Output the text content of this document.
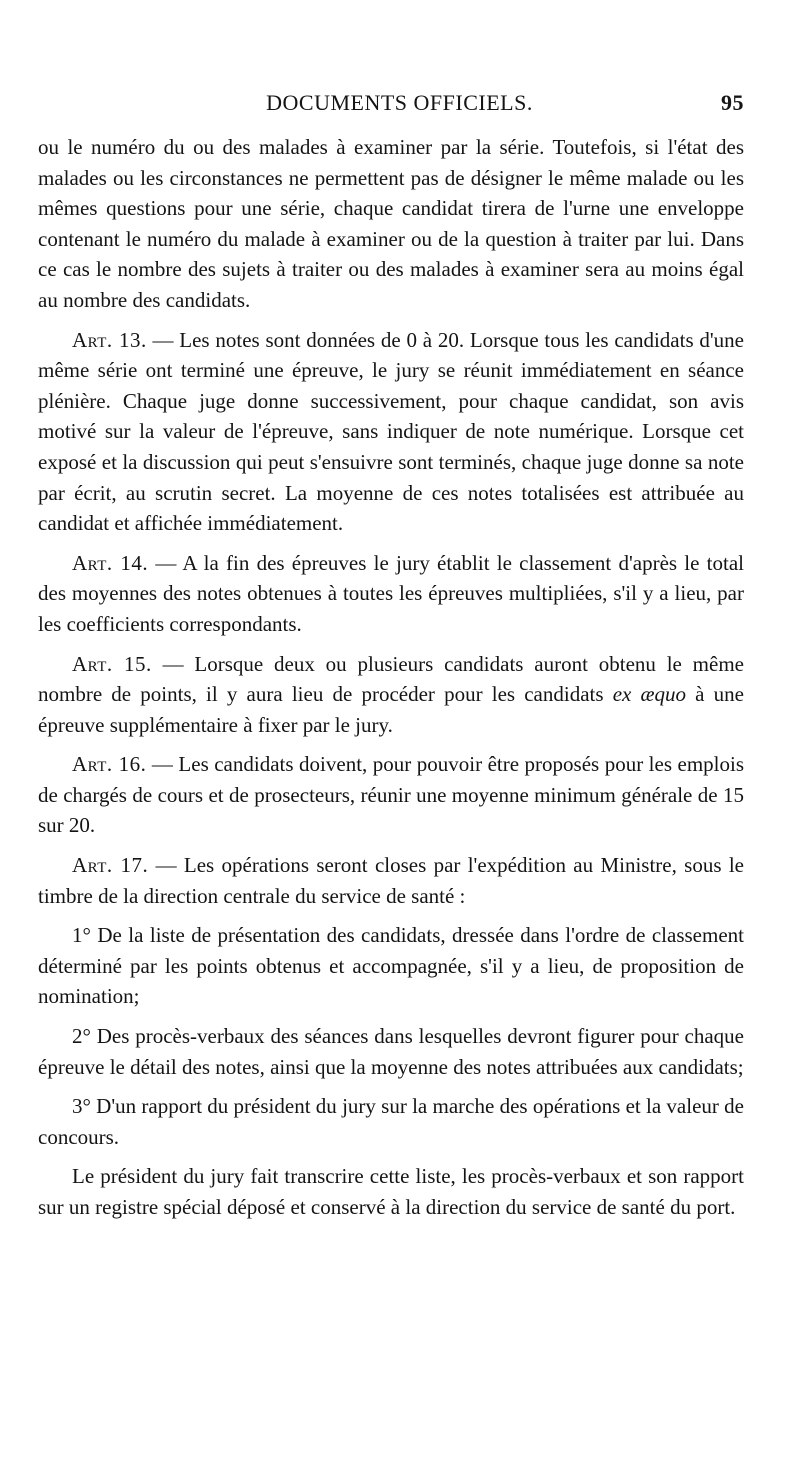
DOCUMENTS OFFICIELS.	95

ou le numéro du ou des malades à examiner par la série. Toutefois, si l'état des malades ou les circonstances ne permettent pas de désigner le même malade ou les mêmes questions pour une série, chaque candidat tirera de l'urne une enveloppe contenant le numéro du malade à examiner ou de la question à traiter par lui. Dans ce cas le nombre des sujets à traiter ou des malades à examiner sera au moins égal au nombre des candidats.

Art. 13. — Les notes sont données de 0 à 20. Lorsque tous les candidats d'une même série ont terminé une épreuve, le jury se réunit immédiatement en séance plénière. Chaque juge donne successivement, pour chaque candidat, son avis motivé sur la valeur de l'épreuve, sans indiquer de note numérique. Lorsque cet exposé et la discussion qui peut s'ensuivre sont terminés, chaque juge donne sa note par écrit, au scrutin secret. La moyenne de ces notes totalisées est attribuée au candidat et affichée immédiatement.

Art. 14. — A la fin des épreuves le jury établit le classement d'après le total des moyennes des notes obtenues à toutes les épreuves multipliées, s'il y a lieu, par les coefficients correspondants.

Art. 15. — Lorsque deux ou plusieurs candidats auront obtenu le même nombre de points, il y aura lieu de procéder pour les candidats ex æquo à une épreuve supplémentaire à fixer par le jury.

Art. 16. — Les candidats doivent, pour pouvoir être proposés pour les emplois de chargés de cours et de prosecteurs, réunir une moyenne minimum générale de 15 sur 20.

Art. 17. — Les opérations seront closes par l'expédition au Ministre, sous le timbre de la direction centrale du service de santé :

1° De la liste de présentation des candidats, dressée dans l'ordre de classement déterminé par les points obtenus et accompagnée, s'il y a lieu, de proposition de nomination;

2° Des procès-verbaux des séances dans lesquelles devront figurer pour chaque épreuve le détail des notes, ainsi que la moyenne des notes attribuées aux candidats;

3° D'un rapport du président du jury sur la marche des opérations et la valeur de concours.

Le président du jury fait transcrire cette liste, les procès-verbaux et son rapport sur un registre spécial déposé et conservé à la direction du service de santé du port.
